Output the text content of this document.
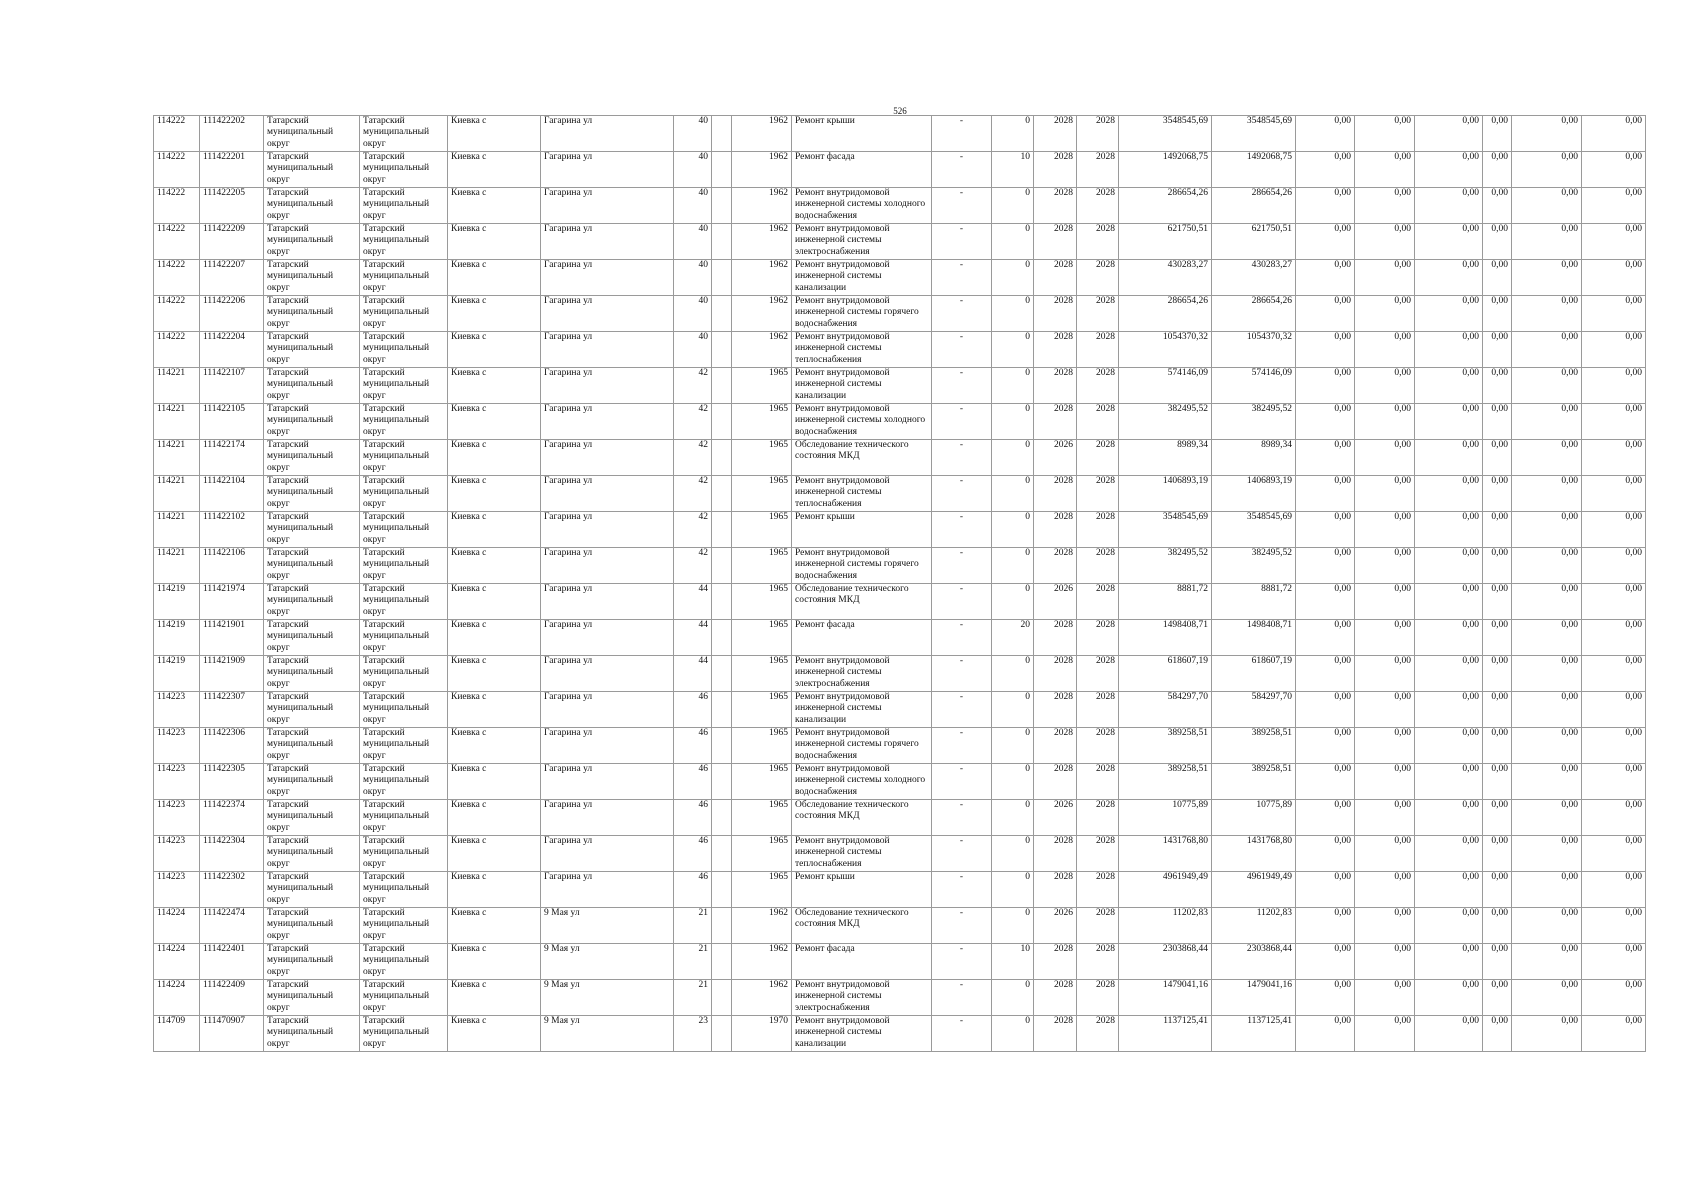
526
114222	111422202	Татарский муниципальный округ	Татарский муниципальный округ	Киевка с	Гагарина ул	40		1962	Ремонт крыши	-	0	2028	2028	3548545,69	3548545,69	0,00	0,00	0,00	0,00	0,00	0,00
114222	111422201	Татарский муниципальный округ	Татарский муниципальный округ	Киевка с	Гагарина ул	40		1962	Ремонт фасада	-	10	2028	2028	1492068,75	1492068,75	0,00	0,00	0,00	0,00	0,00	0,00
114222	111422205	Татарский муниципальный округ	Татарский муниципальный округ	Киевка с	Гагарина ул	40		1962	Ремонт внутридомовой инженерной системы холодного водоснабжения	-	0	2028	2028	286654,26	286654,26	0,00	0,00	0,00	0,00	0,00	0,00
114222	111422209	Татарский муниципальный округ	Татарский муниципальный округ	Киевка с	Гагарина ул	40		1962	Ремонт внутридомовой инженерной системы электроснабжения	-	0	2028	2028	621750,51	621750,51	0,00	0,00	0,00	0,00	0,00	0,00
114222	111422207	Татарский муниципальный округ	Татарский муниципальный округ	Киевка с	Гагарина ул	40		1962	Ремонт внутридомовой инженерной системы канализации	-	0	2028	2028	430283,27	430283,27	0,00	0,00	0,00	0,00	0,00	0,00
114222	111422206	Татарский муниципальный округ	Татарский муниципальный округ	Киевка с	Гагарина ул	40		1962	Ремонт внутридомовой инженерной системы горячего водоснабжения	-	0	2028	2028	286654,26	286654,26	0,00	0,00	0,00	0,00	0,00	0,00
114222	111422204	Татарский муниципальный округ	Татарский муниципальный округ	Киевка с	Гагарина ул	40		1962	Ремонт внутридомовой инженерной системы теплоснабжения	-	0	2028	2028	1054370,32	1054370,32	0,00	0,00	0,00	0,00	0,00	0,00
114221	111422107	Татарский муниципальный округ	Татарский муниципальный округ	Киевка с	Гагарина ул	42		1965	Ремонт внутридомовой инженерной системы канализации	-	0	2028	2028	574146,09	574146,09	0,00	0,00	0,00	0,00	0,00	0,00
114221	111422105	Татарский муниципальный округ	Татарский муниципальный округ	Киевка с	Гагарина ул	42		1965	Ремонт внутридомовой инженерной системы холодного водоснабжения	-	0	2028	2028	382495,52	382495,52	0,00	0,00	0,00	0,00	0,00	0,00
114221	111422174	Татарский муниципальный округ	Татарский муниципальный округ	Киевка с	Гагарина ул	42		1965	Обследование технического состояния МКД	-	0	2026	2028	8989,34	8989,34	0,00	0,00	0,00	0,00	0,00	0,00
114221	111422104	Татарский муниципальный округ	Татарский муниципальный округ	Киевка с	Гагарина ул	42		1965	Ремонт внутридомовой инженерной системы теплоснабжения	-	0	2028	2028	1406893,19	1406893,19	0,00	0,00	0,00	0,00	0,00	0,00
114221	111422102	Татарский муниципальный округ	Татарский муниципальный округ	Киевка с	Гагарина ул	42		1965	Ремонт крыши	-	0	2028	2028	3548545,69	3548545,69	0,00	0,00	0,00	0,00	0,00	0,00
114221	111422106	Татарский муниципальный округ	Татарский муниципальный округ	Киевка с	Гагарина ул	42		1965	Ремонт внутридомовой инженерной системы горячего водоснабжения	-	0	2028	2028	382495,52	382495,52	0,00	0,00	0,00	0,00	0,00	0,00
114219	111421974	Татарский муниципальный округ	Татарский муниципальный округ	Киевка с	Гагарина ул	44		1965	Обследование технического состояния МКД	-	0	2026	2028	8881,72	8881,72	0,00	0,00	0,00	0,00	0,00	0,00
114219	111421901	Татарский муниципальный округ	Татарский муниципальный округ	Киевка с	Гагарина ул	44		1965	Ремонт фасада	-	20	2028	2028	1498408,71	1498408,71	0,00	0,00	0,00	0,00	0,00	0,00
114219	111421909	Татарский муниципальный округ	Татарский муниципальный округ	Киевка с	Гагарина ул	44		1965	Ремонт внутридомовой инженерной системы электроснабжения	-	0	2028	2028	618607,19	618607,19	0,00	0,00	0,00	0,00	0,00	0,00
114223	111422307	Татарский муниципальный округ	Татарский муниципальный округ	Киевка с	Гагарина ул	46		1965	Ремонт внутридомовой инженерной системы канализации	-	0	2028	2028	584297,70	584297,70	0,00	0,00	0,00	0,00	0,00	0,00
114223	111422306	Татарский муниципальный округ	Татарский муниципальный округ	Киевка с	Гагарина ул	46		1965	Ремонт внутридомовой инженерной системы горячего водоснабжения	-	0	2028	2028	389258,51	389258,51	0,00	0,00	0,00	0,00	0,00	0,00
114223	111422305	Татарский муниципальный округ	Татарский муниципальный округ	Киевка с	Гагарина ул	46		1965	Ремонт внутридомовой инженерной системы холодного водоснабжения	-	0	2028	2028	389258,51	389258,51	0,00	0,00	0,00	0,00	0,00	0,00
114223	111422374	Татарский муниципальный округ	Татарский муниципальный округ	Киевка с	Гагарина ул	46		1965	Обследование технического состояния МКД	-	0	2026	2028	10775,89	10775,89	0,00	0,00	0,00	0,00	0,00	0,00
114223	111422304	Татарский муниципальный округ	Татарский муниципальный округ	Киевка с	Гагарина ул	46		1965	Ремонт внутридомовой инженерной системы теплоснабжения	-	0	2028	2028	1431768,80	1431768,80	0,00	0,00	0,00	0,00	0,00	0,00
114223	111422302	Татарский муниципальный округ	Татарский муниципальный округ	Киевка с	Гагарина ул	46		1965	Ремонт крыши	-	0	2028	2028	4961949,49	4961949,49	0,00	0,00	0,00	0,00	0,00	0,00
114224	111422474	Татарский муниципальный округ	Татарский муниципальный округ	Киевка с	9 Мая ул	21		1962	Обследование технического состояния МКД	-	0	2026	2028	11202,83	11202,83	0,00	0,00	0,00	0,00	0,00	0,00
114224	111422401	Татарский муниципальный округ	Татарский муниципальный округ	Киевка с	9 Мая ул	21		1962	Ремонт фасада	-	10	2028	2028	2303868,44	2303868,44	0,00	0,00	0,00	0,00	0,00	0,00
114224	111422409	Татарский муниципальный округ	Татарский муниципальный округ	Киевка с	9 Мая ул	21		1962	Ремонт внутридомовой инженерной системы электроснабжения	-	0	2028	2028	1479041,16	1479041,16	0,00	0,00	0,00	0,00	0,00	0,00
114709	111470907	Татарский муниципальный округ	Татарский муниципальный округ	Киевка с	9 Мая ул	23		1970	Ремонт внутридомовой инженерной системы канализации	-	0	2028	2028	1137125,41	1137125,41	0,00	0,00	0,00	0,00	0,00	0,00
